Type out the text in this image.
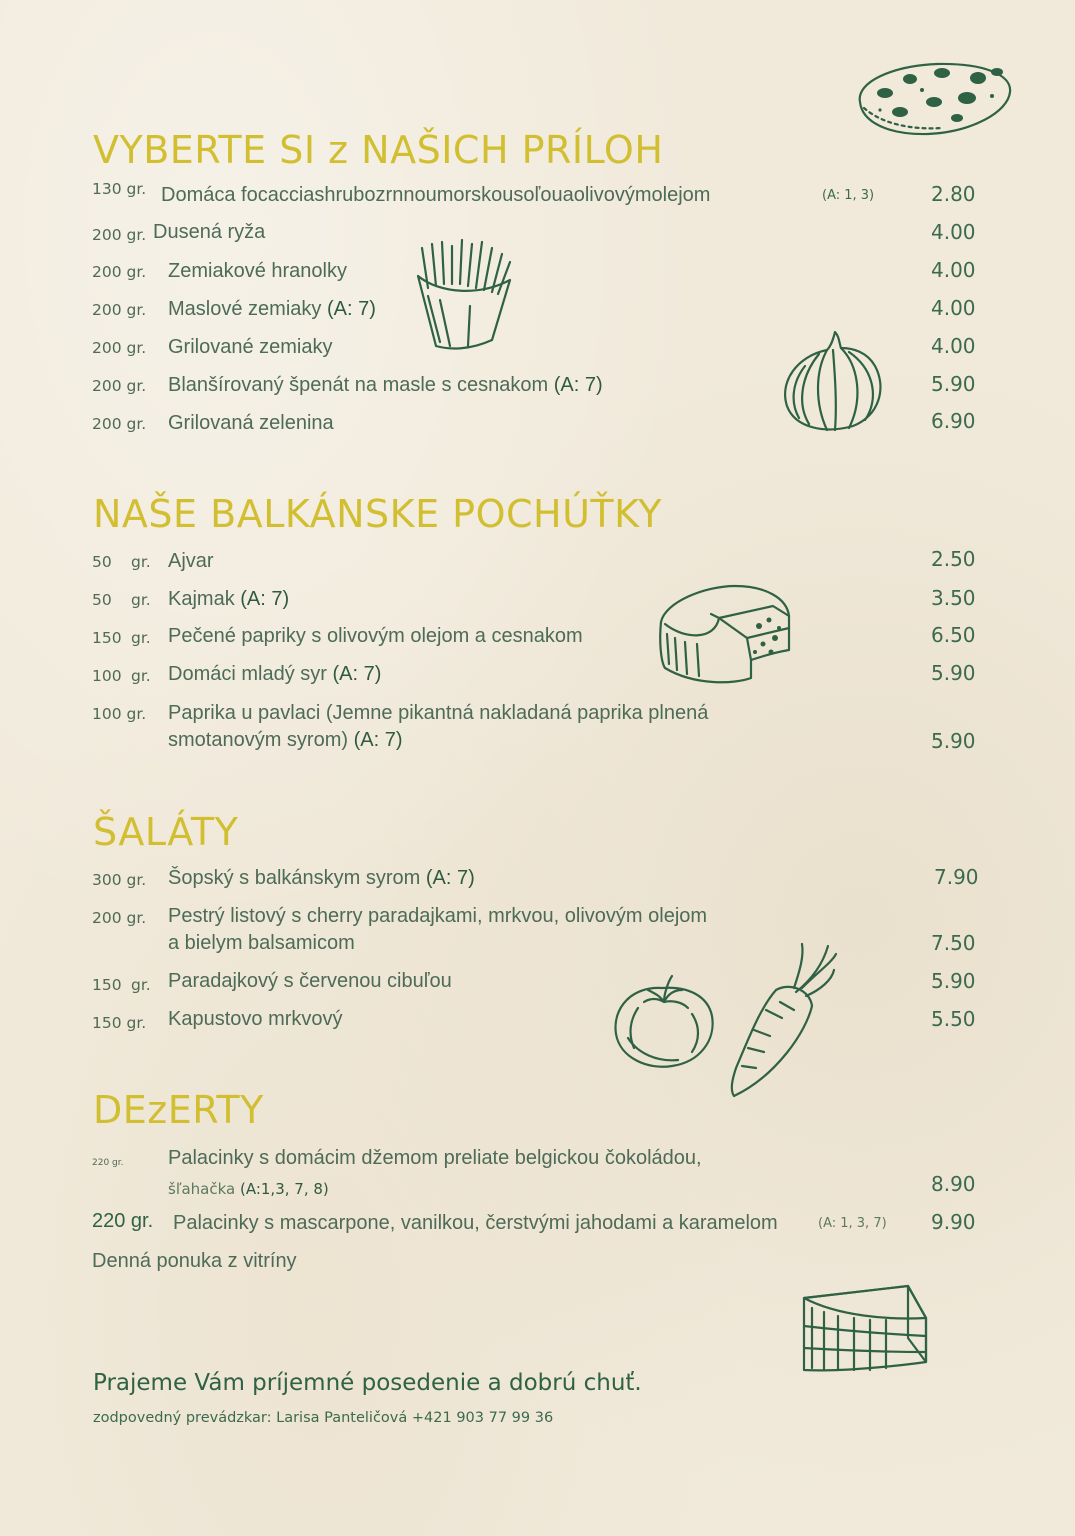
VYBERTE SI z NAŠICH PRÍLOH
130 gr. Domáca focacciashrubozrnnoumorskousoľouaolivovýmolejom	(A: 1, 3)	2.80
200 gr. Dusená ryža	4.00
200 gr. Zemiakové hranolky	4.00
200 gr. Maslové zemiaky (A: 7)	4.00
200 gr. Grilované zemiaky	4.00
200 gr. Blanšírovaný špenát na masle s cesnakom (A: 7)	5.90
200 gr. Grilovaná zelenina	6.90
NAŠE BALKÁNSKE POCHÚŤKY
50 gr. Ajvar	2.50
50 gr. Kajmak (A: 7)	3.50
150 gr. Pečené papriky s olivovým olejom a cesnakom	6.50
100 gr. Domáci mladý syr (A: 7)	5.90
100 gr. Paprika u pavlaci (Jemne pikantná nakladaná paprika plnená
smotanovým syrom) (A: 7)	5.90
ŠALÁTY
300 gr. Šopský s balkánskym syrom (A: 7)	7.90
200 gr. Pestrý listový s cherry paradajkami, mrkvou, olivovým olejom
a bielym balsamicom	7.50
150 gr. Paradajkový s červenou cibuľou	5.90
150 gr. Kapustovo mrkvový	5.50
DEzERTY
220 gr. Palacinky s domácim džemom preliate belgickou čokoládou,
šľahačka (A:1,3, 7, 8)	8.90
220 gr. Palacinky s mascarpone, vanilkou, čerstvými jahodami a karamelom	(A: 1, 3, 7) 9.90
Denná ponuka z vitríny
Prajeme Vám príjemné posedenie a dobrú chuť.
zodpovedný prevádzkar: Larisa Panteličová +421 903 77 99 36
